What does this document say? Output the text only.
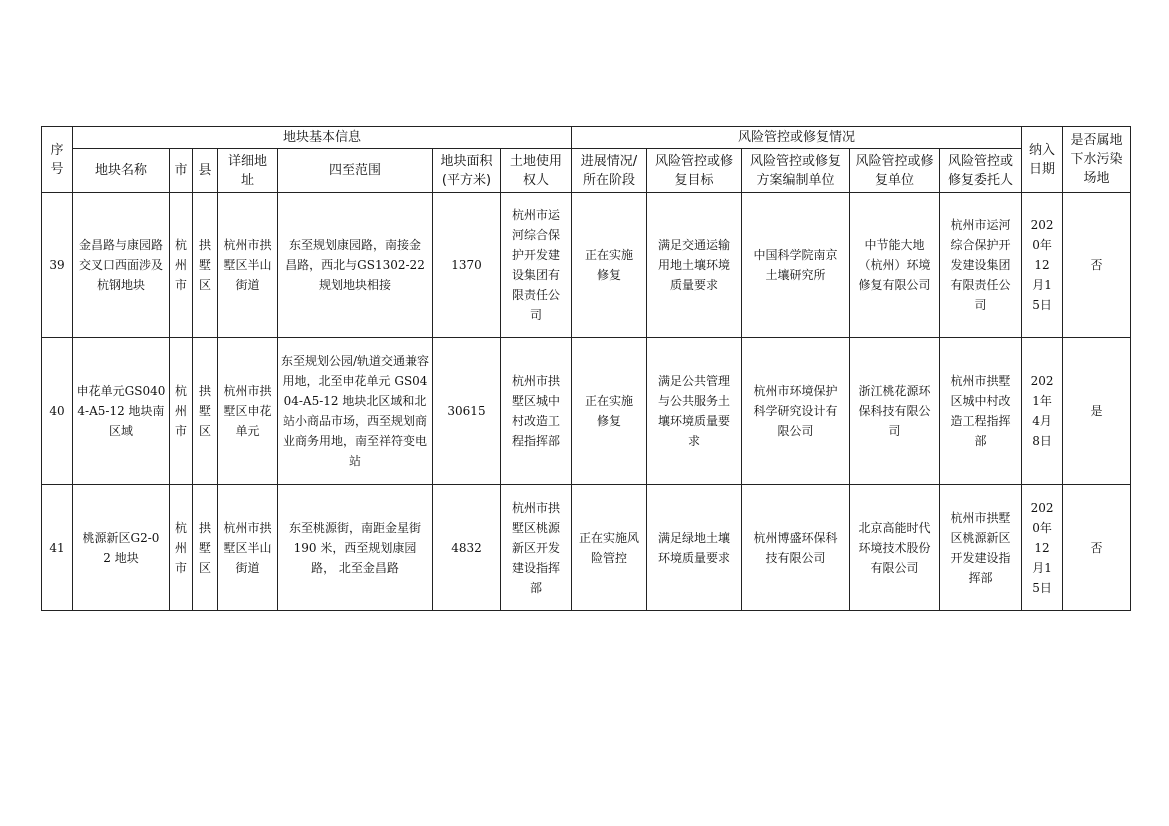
序号	地块基本信息							风险管控或修复情况					纳入日期	是否属地下水污染场地

	地块名称	市	县	详细地址	四至范围	地块面积(平方米)	土地使用权人	进展情况/所在阶段	风险管控或修复目标	风险管控或修复方案编制单位	风险管控或修复单位	风险管控或修复委托人		

39	金昌路与康园路交叉口西面涉及杭钢地块	杭州市	拱墅区	杭州市拱墅区半山街道	东至规划康园路，南接金昌路，西北与GS1302-22 规划地块相接	1370	杭州市运河综合保护开发建设集团有限责任公司	正在实施修复	满足交通运输用地土壤环境质量要求	中国科学院南京土壤研究所	中节能大地（杭州）环境修复有限公司	杭州市运河综合保护开发建设集团有限责任公司	2020年12月15日	否
40	申花单元GS0404-A5-12 地块南区域	杭州市	拱墅区	杭州市拱墅区申花单元	东至规划公园/轨道交通兼容用地，北至申花单元 GS0404-A5-12 地块北区域和北站小商品市场，西至规划商业商务用地，南至祥符变电站	30615	杭州市拱墅区城中村改造工程指挥部	正在实施修复	满足公共管理与公共服务土壤环境质量要求	杭州市环境保护科学研究设计有限公司	浙江桃花源环保科技有限公司	杭州市拱墅区城中村改造工程指挥部	2021年4月8日	是
41	桃源新区G2-02 地块	杭州市	拱墅区	杭州市拱墅区半山街道	东至桃源街，南距金星街 190 米，西至规划康园路， 北至金昌路	4832	杭州市拱墅区桃源新区开发建设指挥部	正在实施风险管控	满足绿地土壤环境质量要求	杭州博盛环保科技有限公司	北京高能时代环境技术股份有限公司	杭州市拱墅区桃源新区开发建设指挥部	2020年12月15日	否
